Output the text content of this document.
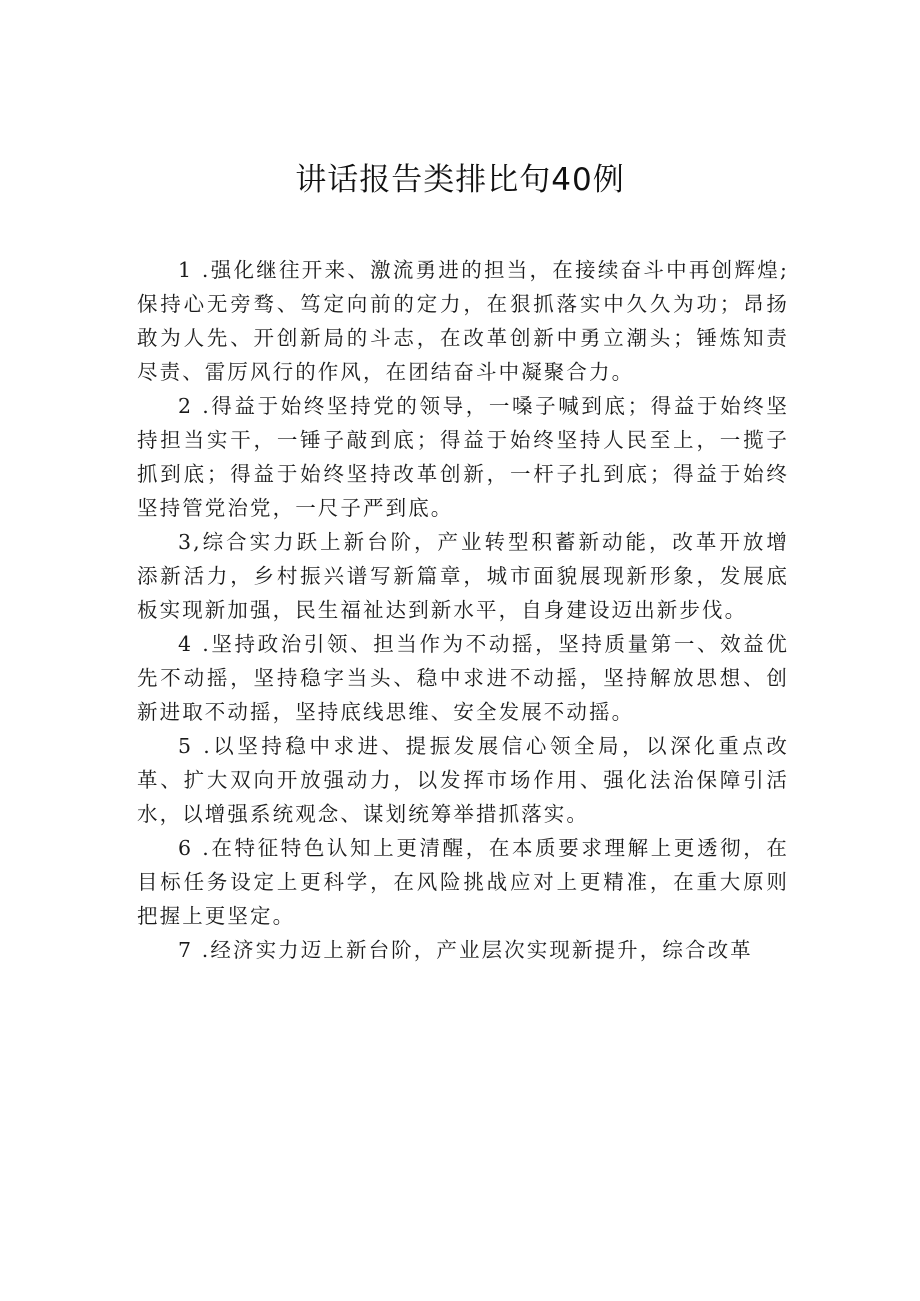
讲话报告类排比句40例

1 .强化继往开来、激流勇进的担当，在接续奋斗中再创辉煌;保持心无旁骛、笃定向前的定力，在狠抓落实中久久为功；昂扬敢为人先、开创新局的斗志，在改革创新中勇立潮头；锤炼知责尽责、雷厉风行的作风，在团结奋斗中凝聚合力。

2 .得益于始终坚持党的领导，一嗓子喊到底；得益于始终坚持担当实干，一锤子敲到底；得益于始终坚持人民至上，一揽子抓到底；得益于始终坚持改革创新，一杆子扎到底；得益于始终坚持管党治党，一尺子严到底。

3,综合实力跃上新台阶，产业转型积蓄新动能，改革开放增添新活力，乡村振兴谱写新篇章，城市面貌展现新形象，发展底板实现新加强，民生福祉达到新水平，自身建设迈出新步伐。

4 .坚持政治引领、担当作为不动摇，坚持质量第一、效益优先不动摇，坚持稳字当头、稳中求进不动摇，坚持解放思想、创新进取不动摇，坚持底线思维、安全发展不动摇。

5 .以坚持稳中求进、提振发展信心领全局，以深化重点改革、扩大双向开放强动力，以发挥市场作用、强化法治保障引活水，以增强系统观念、谋划统筹举措抓落实。

6 .在特征特色认知上更清醒，在本质要求理解上更透彻，在目标任务设定上更科学，在风险挑战应对上更精准，在重大原则把握上更坚定。

7 .经济实力迈上新台阶，产业层次实现新提升，综合改革
